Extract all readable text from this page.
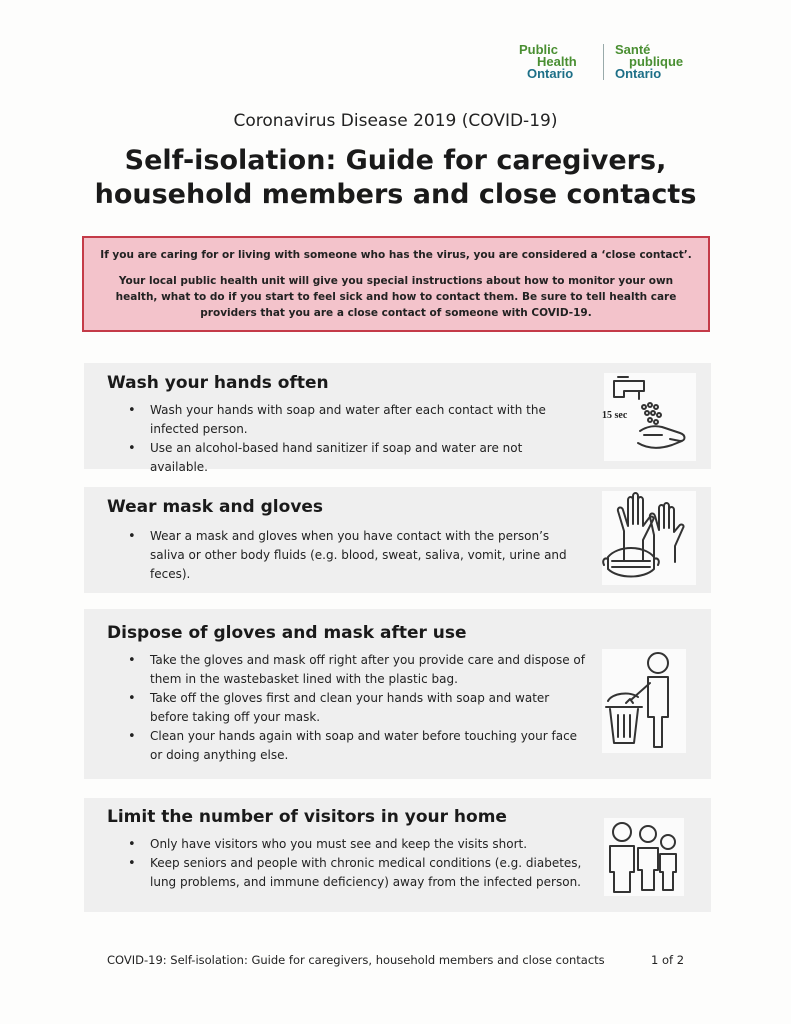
Public
Health
Ontario
Santé
publique
Ontario
Coronavirus Disease 2019 (COVID-19)
Self-isolation: Guide for caregivers,
household members and close contacts

If you are caring for or living with someone who has the virus, you are considered a ‘close contact’.

Your local public health unit will give you special instructions about how to monitor your own health, what to do if you start to feel sick and how to contact them. Be sure to tell health care providers that you are a close contact of someone with COVID-19.

Wash your hands often
• Wash your hands with soap and water after each contact with the infected person.
• Use an alcohol-based hand sanitizer if soap and water are not available.
15 sec
Wear mask and gloves
• Wear a mask and gloves when you have contact with the person’s saliva or other body fluids (e.g. blood, sweat, saliva, vomit, urine and feces).
Dispose of gloves and mask after use
• Take the gloves and mask off right after you provide care and dispose of them in the wastebasket lined with the plastic bag.
• Take off the gloves first and clean your hands with soap and water before taking off your mask.
• Clean your hands again with soap and water before touching your face or doing anything else.
Limit the number of visitors in your home
• Only have visitors who you must see and keep the visits short.
• Keep seniors and people with chronic medical conditions (e.g. diabetes, lung problems, and immune deficiency) away from the infected person.
COVID-19: Self-isolation: Guide for caregivers, household members and close contacts	1 of 2
